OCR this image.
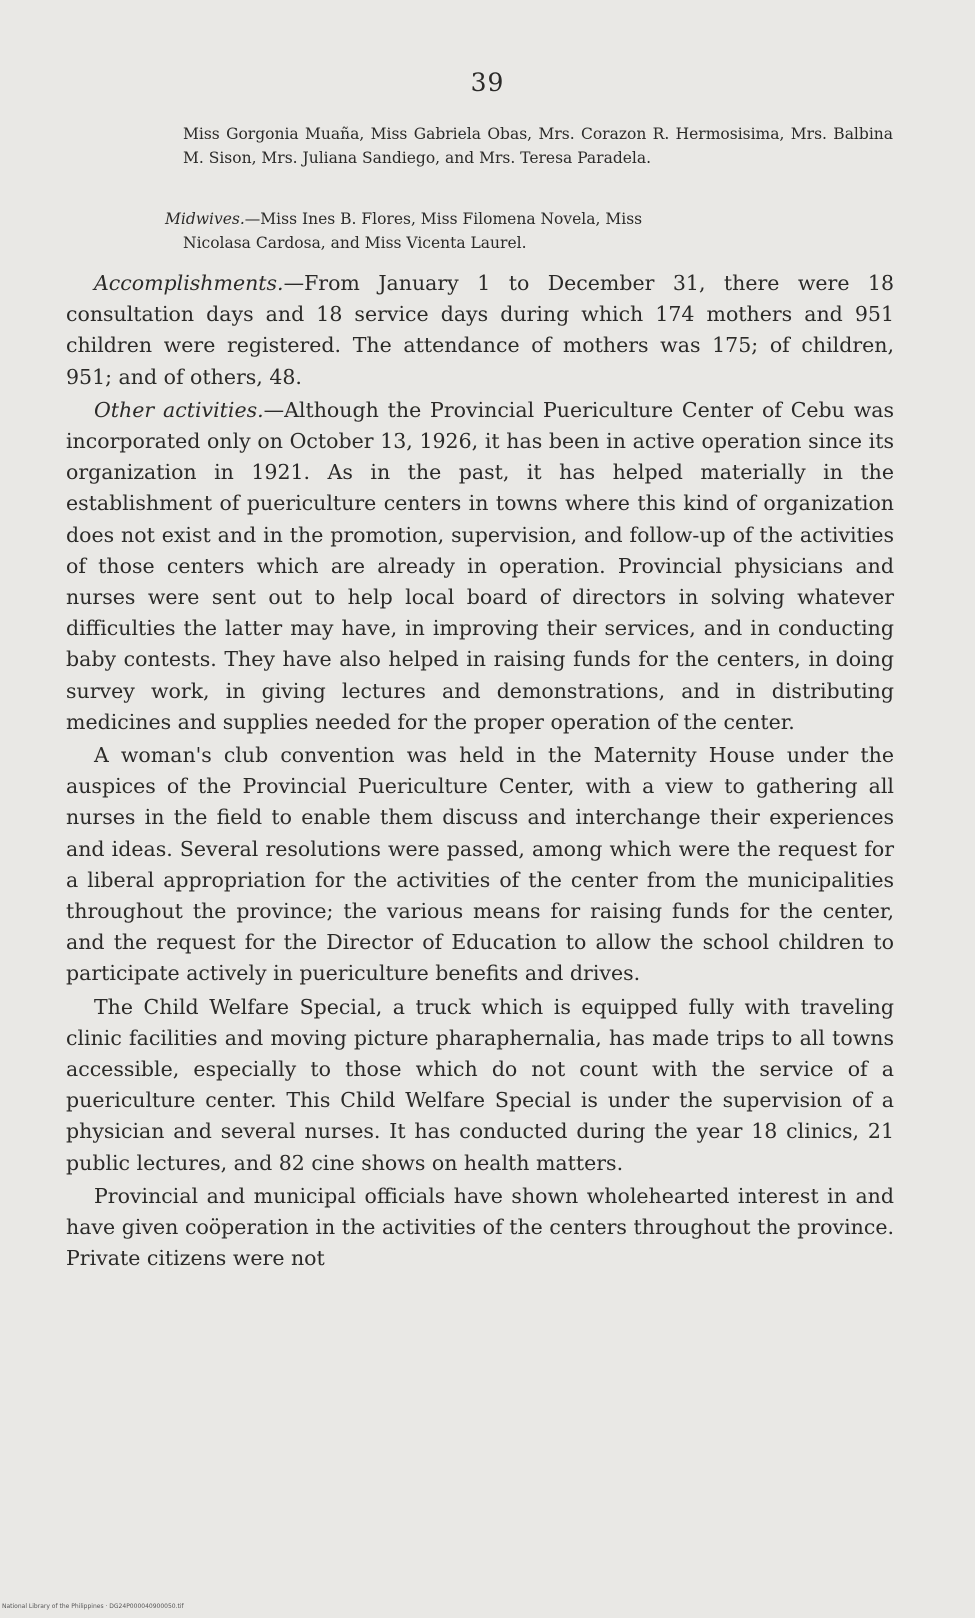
39
Miss Gorgonia Muaña, Miss Gabriela Obas, Mrs. Corazon R. Hermosisima, Mrs. Balbina M. Sison, Mrs. Juliana Sandiego, and Mrs. Teresa Paradela.
Midwives.—Miss Ines B. Flores, Miss Filomena Novela, Miss
Nicolasa Cardosa, and Miss Vicenta Laurel.

Accomplishments.—From January 1 to December 31, there were 18 consultation days and 18 service days during which 174 mothers and 951 children were registered. The attendance of mothers was 175; of children, 951; and of others, 48.

Other activities.—Although the Provincial Puericulture Center of Cebu was incorporated only on October 13, 1926, it has been in active operation since its organization in 1921. As in the past, it has helped materially in the establishment of puericulture centers in towns where this kind of organization does not exist and in the promotion, supervision, and follow-up of the activities of those centers which are already in operation. Provincial physicians and nurses were sent out to help local board of directors in solving whatever difficulties the latter may have, in improving their services, and in conducting baby contests. They have also helped in raising funds for the centers, in doing survey work, in giving lectures and demonstrations, and in distributing medicines and supplies needed for the proper operation of the center.

A woman's club convention was held in the Maternity House under the auspices of the Provincial Puericulture Center, with a view to gathering all nurses in the field to enable them discuss and interchange their experiences and ideas. Several resolutions were passed, among which were the request for a liberal appropriation for the activities of the center from the municipalities throughout the province; the various means for raising funds for the center, and the request for the Director of Education to allow the school children to participate actively in puericulture benefits and drives.

The Child Welfare Special, a truck which is equipped fully with traveling clinic facilities and moving picture pharaphernalia, has made trips to all towns accessible, especially to those which do not count with the service of a puericulture center. This Child Welfare Special is under the supervision of a physician and several nurses. It has conducted during the year 18 clinics, 21 public lectures, and 82 cine shows on health matters.

Provincial and municipal officials have shown wholehearted interest in and have given coöperation in the activities of the centers throughout the province. Private citizens were not

National Library of the Philippines · DG24P000040900050.tif
